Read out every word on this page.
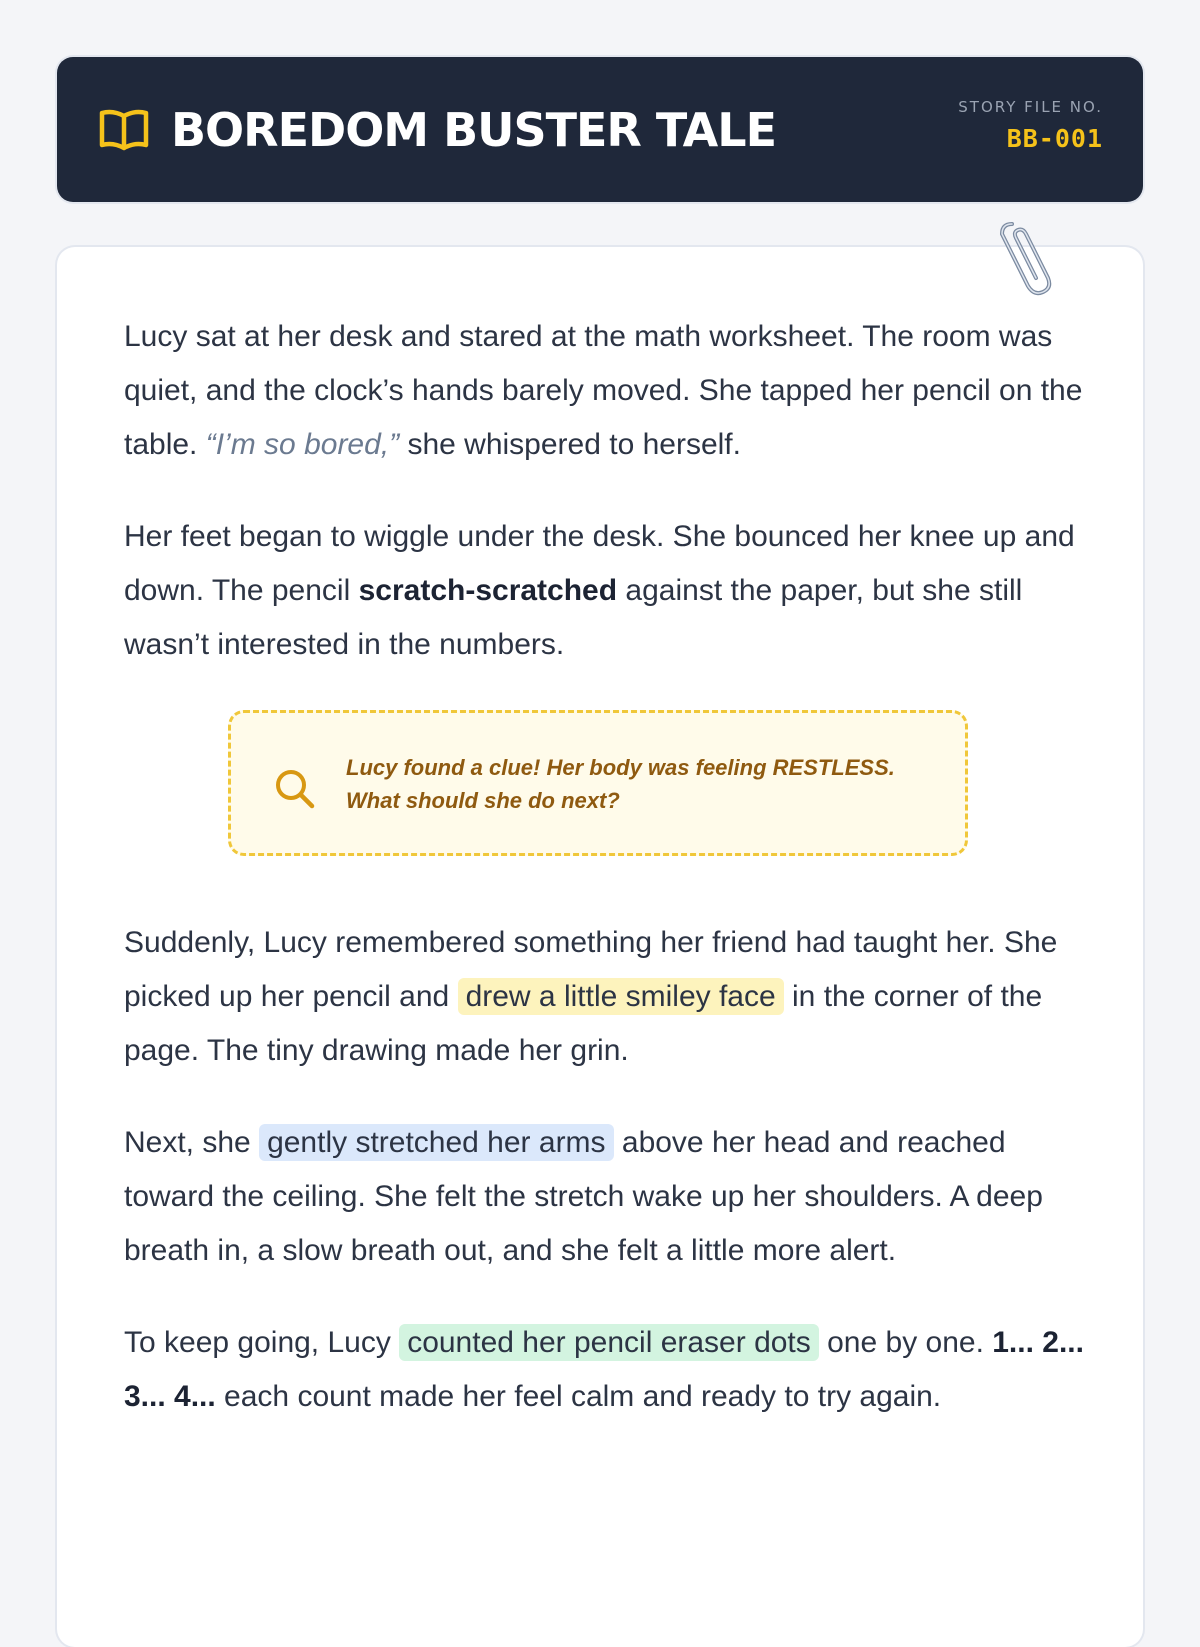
BOREDOM BUSTER TALE	STORY FILE NO.
BB-001

Lucy sat at her desk and stared at the math worksheet. The room was quiet, and the clock’s hands barely moved. She tapped her pencil on the table. “I’m so bored,” she whispered to herself.

Her feet began to wiggle under the desk. She bounced her knee up and down. The pencil scratch-scratched against the paper, but she still wasn’t interested in the numbers.

Lucy found a clue! Her body was feeling RESTLESS.
What should she do next?

Suddenly, Lucy remembered something her friend had taught her. She picked up her pencil and drew a little smiley face in the corner of the page. The tiny drawing made her grin.

Next, she gently stretched her arms above her head and reached toward the ceiling. She felt the stretch wake up her shoulders. A deep breath in, a slow breath out, and she felt a little more alert.

To keep going, Lucy counted her pencil eraser dots one by one. 1... 2... 3... 4... each count made her feel calm and ready to try again.
